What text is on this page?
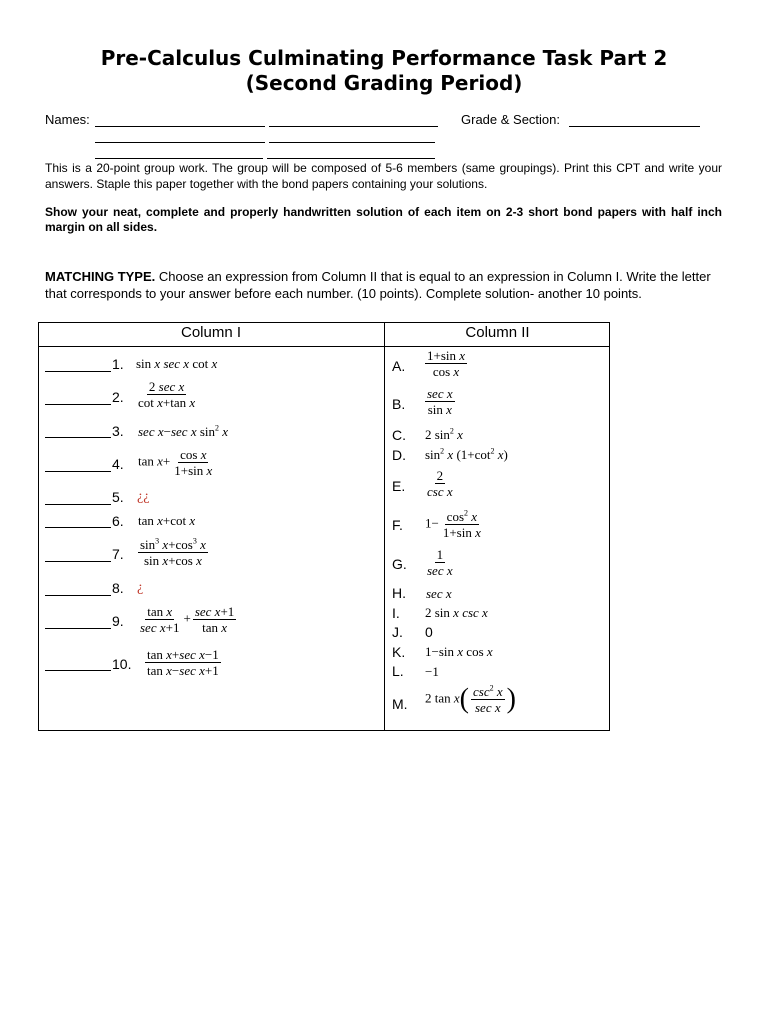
Pre-Calculus Culminating Performance Task Part 2
(Second Grading Period)
Names:	Grade & Section:
This is a 20-point group work. The group will be composed of 5-6 members (same groupings). Print this CPT and write your answers. Staple this paper together with the bond papers containing your solutions.
Show your neat, complete and properly handwritten solution of each item on 2-3 short bond papers with half inch margin on all sides.
MATCHING TYPE. Choose an expression from Column II that is equal to an expression in Column I. Write the letter that corresponds to your answer before each number. (10 points). Complete solution- another 10 points.
Column I	Column II
1.
2.
3.
4.
5.
6.
7.
8.
9.
10.
sin x sec x cot x
$\frac{\text{2 sec x}}{\text{cot x+tan x}}$
sec x−sec x $\sin^2 x$
$\tan x+ \frac{\text{cos x}}{\text{1+sin x}}$
¿¿
tan x+cot x
$\frac{\sin^3 x+\cos^3 x}{\text{sin x+cos x}}$
¿
$\frac{\text{tan x}}{\text{sec x+1}} + \frac{\text{sec x+1}}{\text{tan x}}$
$\frac{\text{tan x+sec x−1}}{\text{tan x−sec x+1}}$
A.
B.
C.
D.
E.
F.
G.
H.
I.
J.
K.
L.
M.
$\frac{\text{1+sin x}}{\text{cos x}}$
$\frac{\text{sec x}}{\text{sin x}}$
2 $\sin^2 x$
$\sin^2 x$ ($1+\cot^2$ x)
$\frac{2}{\text{csc x}}$
$1- \frac{\cos^2 x}{\text{1+sin x}}$
$\frac{1}{\text{sec x}}$
sec x
2 sin x csc x
0
1−sin x cos x
−1
2 $\tan x( \frac{\csc^2 x}{\text{sec x}}$ )
